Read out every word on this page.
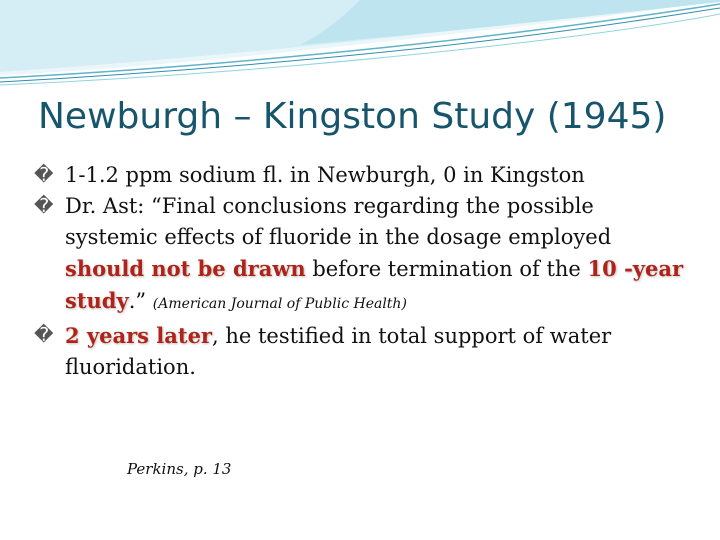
Newburgh – Kingston Study (1945)

� 1-1.2 ppm sodium fl. in Newburgh, 0 in Kingston

� Dr. Ast: “Final conclusions regarding the possible systemic effects of fluoride in the dosage employed should not be drawn before termination of the 10 -year study.” (American Journal of Public Health)

� 2 years later, he testified in total support of water fluoridation.

Perkins, p. 13
